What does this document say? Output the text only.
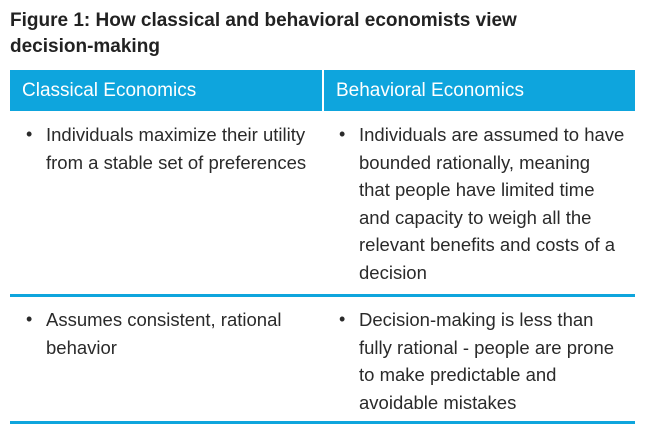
Figure 1: How classical and behavioral economists view decision-making
Classical Economics	Behavioral Economics
• Individuals maximize their utility from a stable set of preferences
• Individuals are assumed to have bounded rationally, meaning that people have limited time and capacity to weigh all the relevant benefits and costs of a decision
• Assumes consistent, rational behavior
• Decision-making is less than fully rational - people are prone to make predictable and avoidable mistakes
